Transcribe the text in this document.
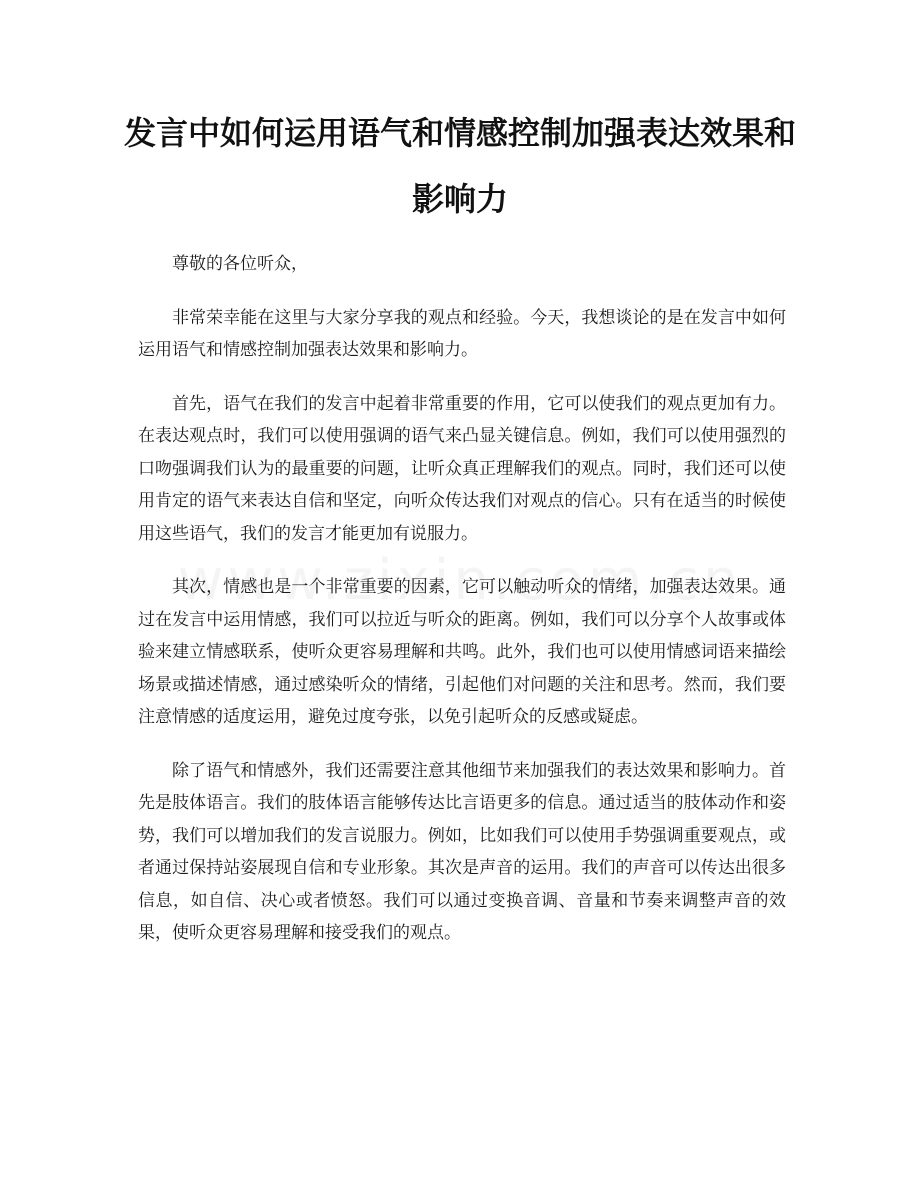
发言中如何运用语气和情感控制加强表达效果和影响力

尊敬的各位听众，

非常荣幸能在这里与大家分享我的观点和经验。今天，我想谈论的是在发言中如何运用语气和情感控制加强表达效果和影响力。

首先，语气在我们的发言中起着非常重要的作用，它可以使我们的观点更加有力。在表达观点时，我们可以使用强调的语气来凸显关键信息。例如，我们可以使用强烈的口吻强调我们认为的最重要的问题，让听众真正理解我们的观点。同时，我们还可以使用肯定的语气来表达自信和坚定，向听众传达我们对观点的信心。只有在适当的时候使用这些语气，我们的发言才能更加有说服力。

其次，情感也是一个非常重要的因素，它可以触动听众的情绪，加强表达效果。通过在发言中运用情感，我们可以拉近与听众的距离。例如，我们可以分享个人故事或体验来建立情感联系，使听众更容易理解和共鸣。此外，我们也可以使用情感词语来描绘场景或描述情感，通过感染听众的情绪，引起他们对问题的关注和思考。然而，我们要注意情感的适度运用，避免过度夸张，以免引起听众的反感或疑虑。

除了语气和情感外，我们还需要注意其他细节来加强我们的表达效果和影响力。首先是肢体语言。我们的肢体语言能够传达比言语更多的信息。通过适当的肢体动作和姿势，我们可以增加我们的发言说服力。例如，比如我们可以使用手势强调重要观点，或者通过保持站姿展现自信和专业形象。其次是声音的运用。我们的声音可以传达出很多信息，如自信、决心或者愤怒。我们可以通过变换音调、音量和节奏来调整声音的效果，使听众更容易理解和接受我们的观点。
